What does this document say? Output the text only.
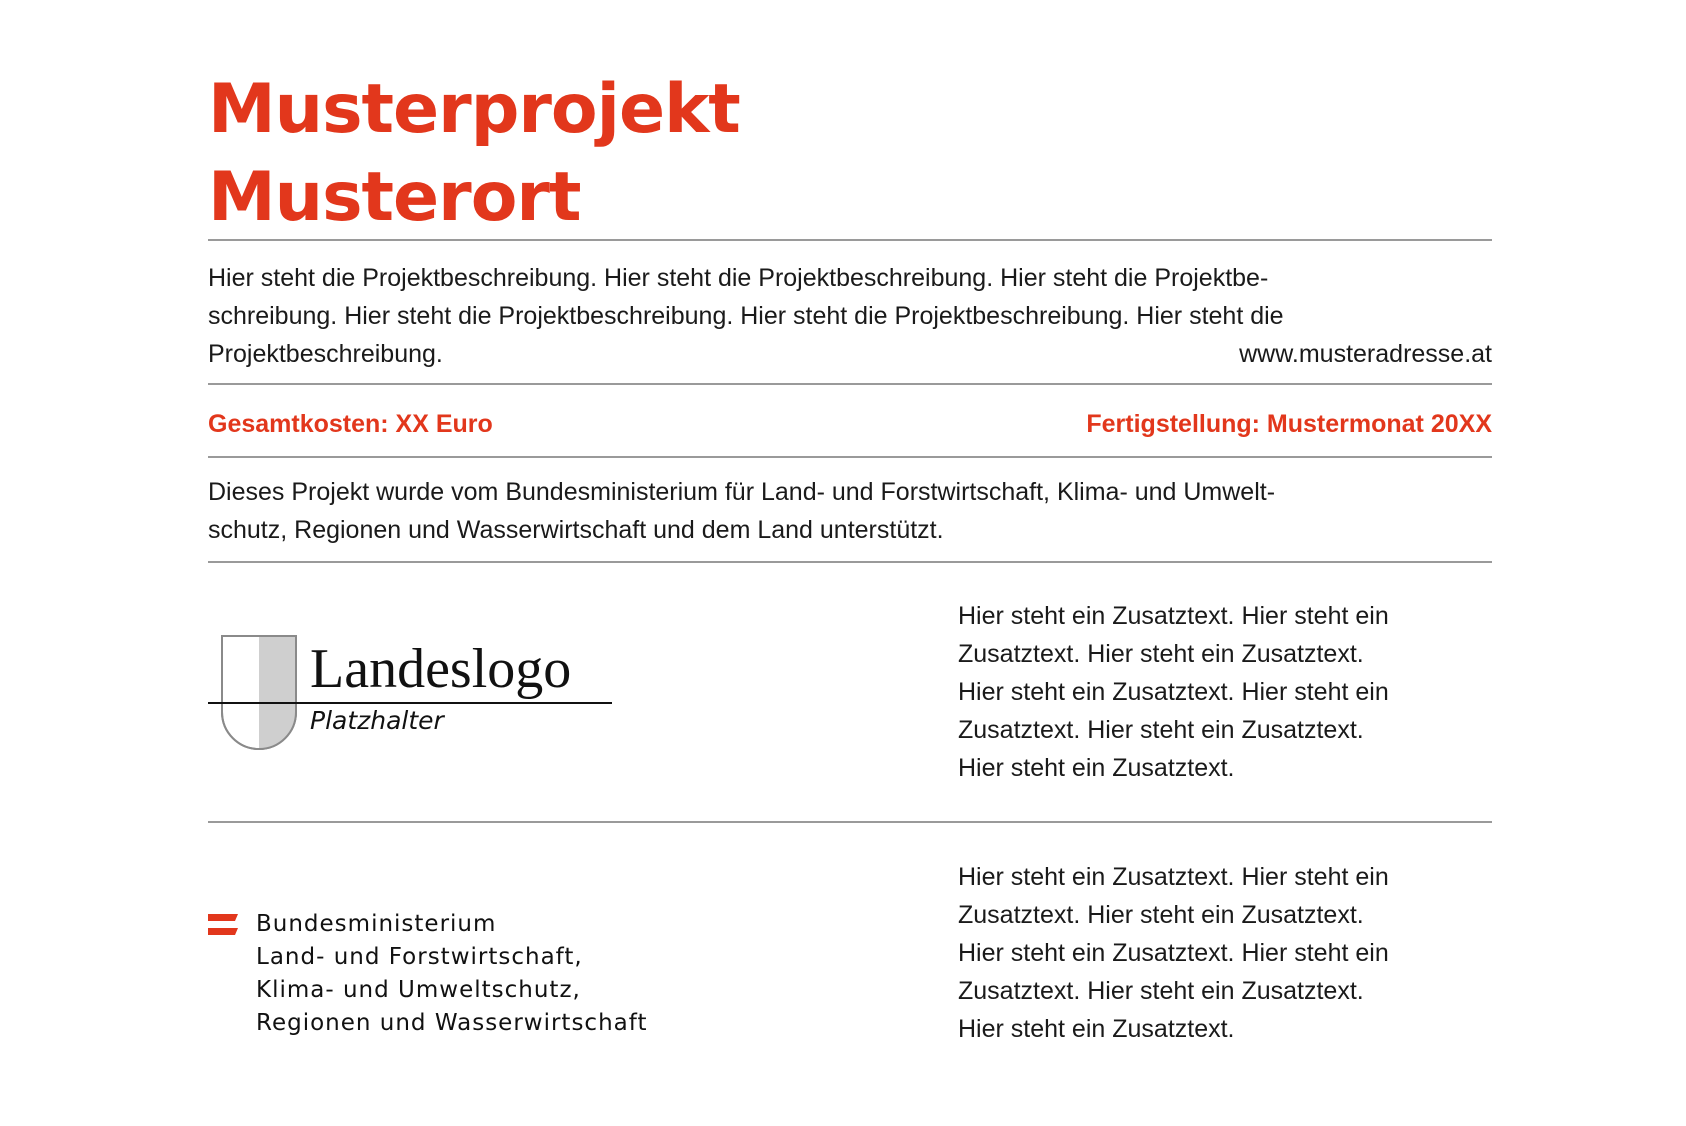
Musterprojekt
Musterort
Hier steht die Projektbeschreibung. Hier steht die Projektbeschreibung. Hier steht die Projektbe-
schreibung. Hier steht die Projektbeschreibung. Hier steht die Projektbeschreibung. Hier steht die
Projektbeschreibung.	www.musteradresse.at
Gesamtkosten: XX Euro	Fertigstellung: Mustermonat 20XX
Dieses Projekt wurde vom Bundesministerium für Land- und Forstwirtschaft, Klima- und Umwelt-
schutz, Regionen und Wasserwirtschaft und dem Land unterstützt.
Landeslogo
Platzhalter
Hier steht ein Zusatztext. Hier steht ein
Zusatztext. Hier steht ein Zusatztext.
Hier steht ein Zusatztext. Hier steht ein
Zusatztext. Hier steht ein Zusatztext.
Hier steht ein Zusatztext.
Bundesministerium
Land- und Forstwirtschaft,
Klima- und Umweltschutz,
Regionen und Wasserwirtschaft
Hier steht ein Zusatztext. Hier steht ein
Zusatztext. Hier steht ein Zusatztext.
Hier steht ein Zusatztext. Hier steht ein
Zusatztext. Hier steht ein Zusatztext.
Hier steht ein Zusatztext.
